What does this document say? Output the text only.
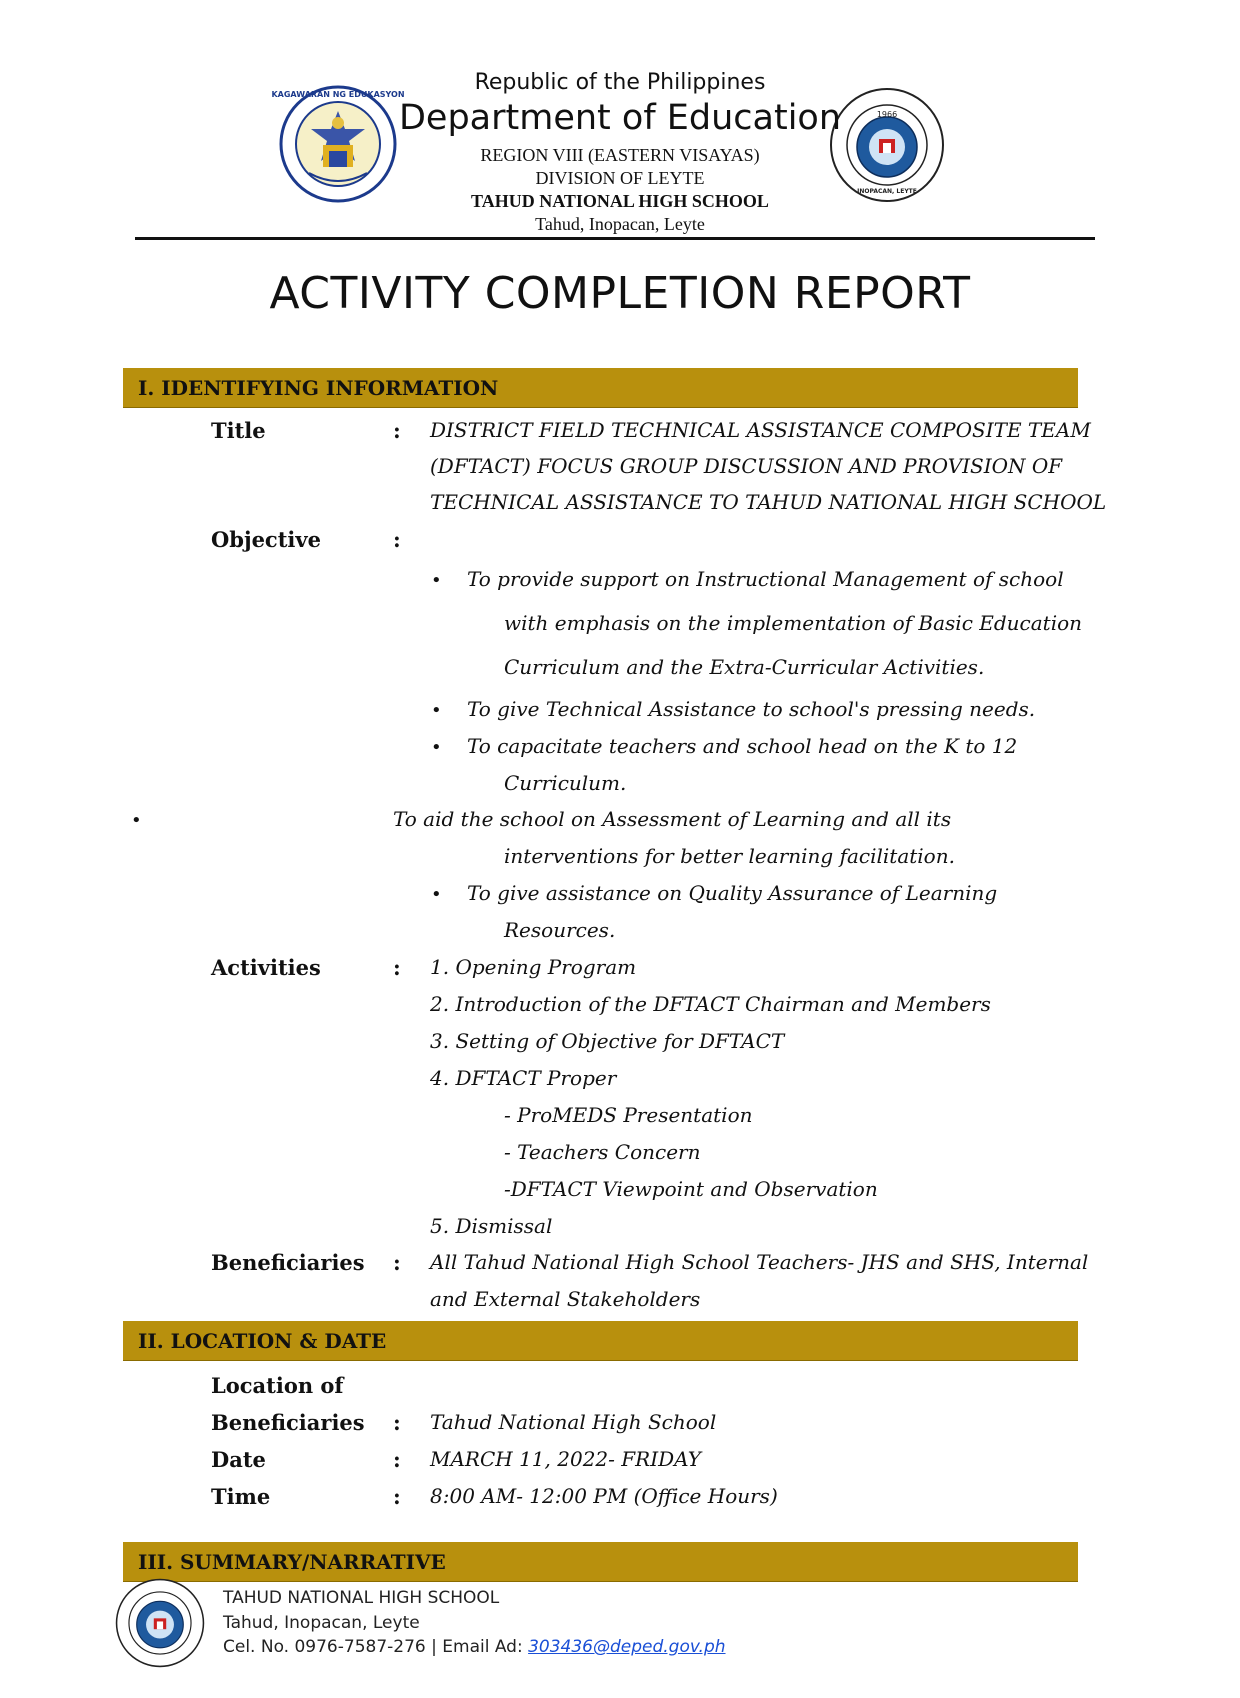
KAGAWARAN NG EDUKASYON
1966
INOPACAN, LEYTE
Republic of the Philippines
Department of Education
REGION VIII (EASTERN VISAYAS)
DIVISION OF LEYTE
TAHUD NATIONAL HIGH SCHOOL
Tahud, Inopacan, Leyte
ACTIVITY COMPLETION REPORT
I. IDENTIFYING INFORMATION
Title	: DISTRICT FIELD TECHNICAL ASSISTANCE COMPOSITE TEAM
(DFTACT) FOCUS GROUP DISCUSSION AND PROVISION OF
TECHNICAL ASSISTANCE TO TAHUD NATIONAL HIGH SCHOOL
Objective	:
• To provide support on Instructional Management of school
with emphasis on the implementation of Basic Education
Curriculum and the Extra-Curricular Activities.
• To give Technical Assistance to school's pressing needs.
• To capacitate teachers and school head on the K to 12
Curriculum.
•	To aid the school on Assessment of Learning and all its
interventions for better learning facilitation.
• To give assistance on Quality Assurance of Learning
Resources.
Activities	: 1. Opening Program
2. Introduction of the DFTACT Chairman and Members
3. Setting of Objective for DFTACT
4. DFTACT Proper
- ProMEDS Presentation
- Teachers Concern
-DFTACT Viewpoint and Observation
5. Dismissal
Beneficiaries : All Tahud National High School Teachers- JHS and SHS, Internal
and External Stakeholders
II. LOCATION & DATE
Location of
Beneficiaries : Tahud National High School
Date	: MARCH 11, 2022- FRIDAY
Time	: 8:00 AM- 12:00 PM (Office Hours)
III. SUMMARY/NARRATIVE
TAHUD NATIONAL HIGH SCHOOL
Tahud, Inopacan, Leyte
Cel. No. 0976-7587-276 | Email Ad: 303436@deped.gov.ph
